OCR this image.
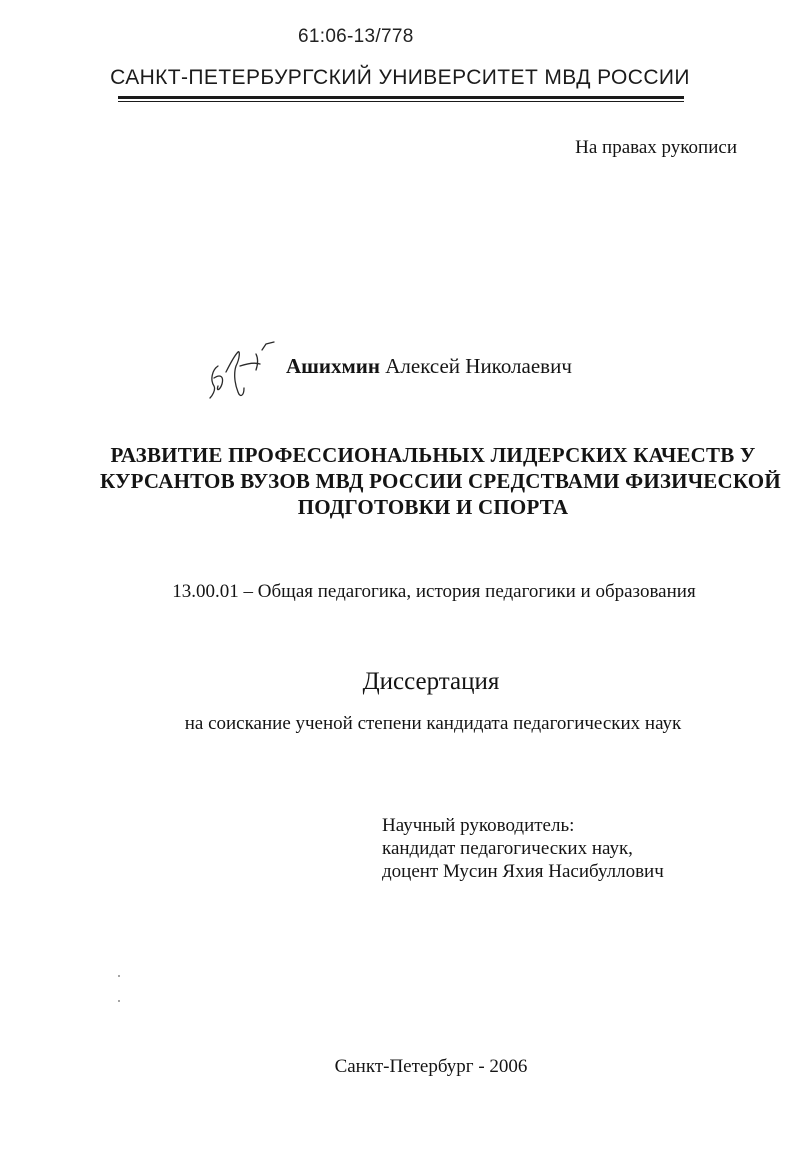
61:06-13/778
САНКТ-ПЕТЕРБУРГСКИЙ УНИВЕРСИТЕТ МВД РОССИИ
На правах рукописи
Ашихмин Алексей Николаевич
РАЗВИТИЕ ПРОФЕССИОНАЛЬНЫХ ЛИДЕРСКИХ КАЧЕСТВ У
КУРСАНТОВ ВУЗОВ МВД РОССИИ СРЕДСТВАМИ ФИЗИЧЕСКОЙ
ПОДГОТОВКИ И СПОРТА
13.00.01 – Общая педагогика, история педагогики и образования
Диссертация
на соискание ученой степени кандидата педагогических наук
Научный руководитель:
кандидат педагогических наук,
доцент Мусин Яхия Насибуллович
Санкт-Петербург - 2006
